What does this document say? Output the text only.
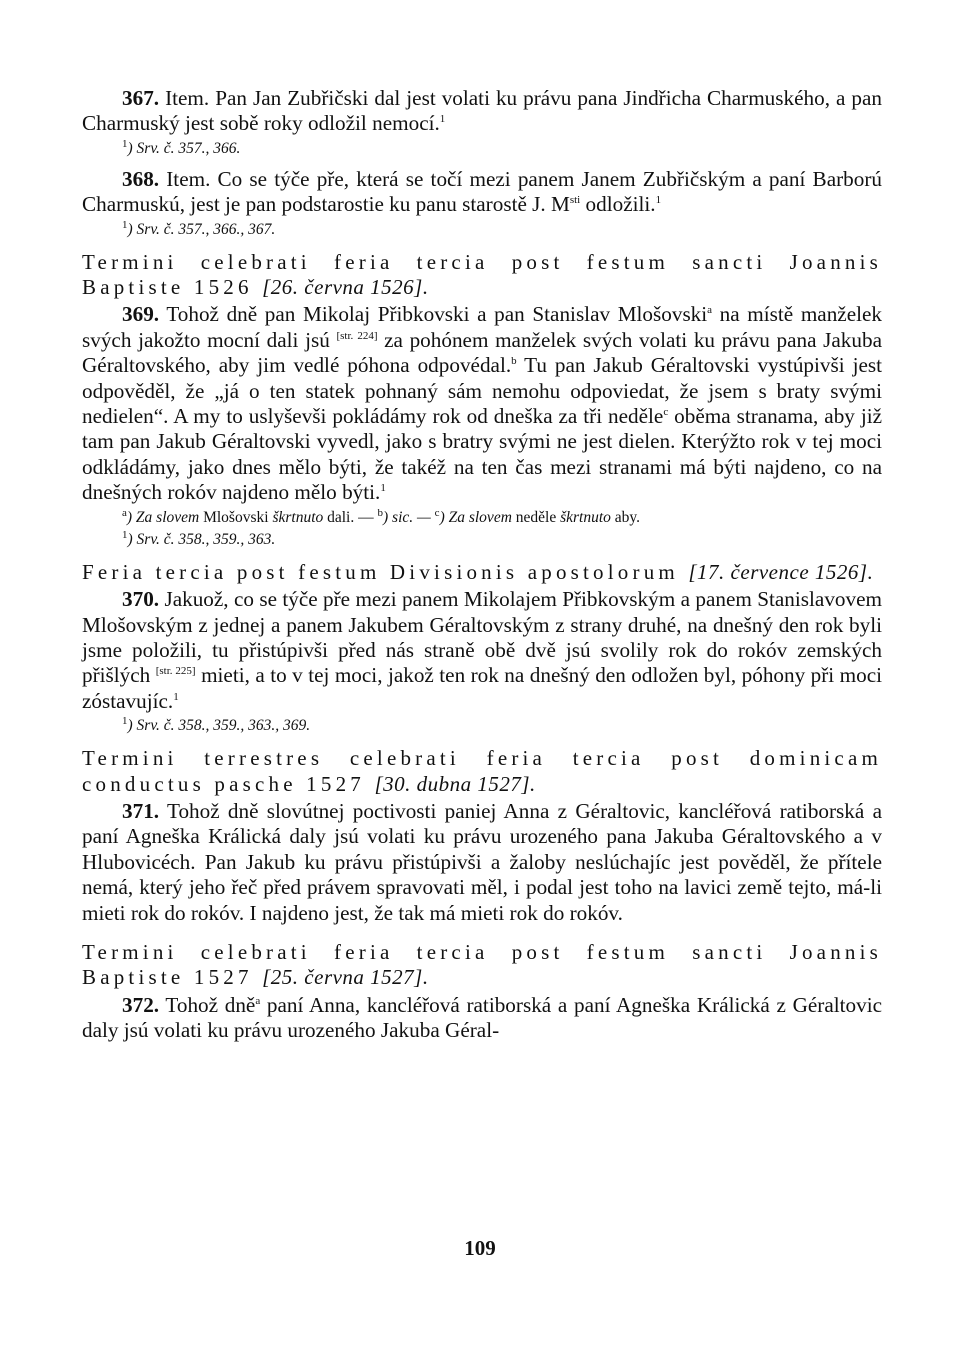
367. Item. Pan Jan Zubřičski dal jest volati ku právu pana Jindřicha Charmuského, a pan Charmuský jest sobě roky odložil nemocí.$^1$

$^1$) Srv. č. 357., 366.

368. Item. Co se týče pře, která se točí mezi panem Janem Zubřičským a paní Barború Charmuskú, jest je pan podstarostie ku panu starostě J. $M^{sti}$ odložili.$^1$

$^1$) Srv. č. 357., 366., 367.

Termini celebrati feria tercia post festum sancti Joannis Baptiste 1526 [26. června 1526].

369. Tohož dně pan Mikolaj Přibkovski a pan Stanislav Mlošovski$^a$ na místě manželek svých jakožto mocní dali jsú [str. 224] za pohónem manželek svých volati ku právu pana Jakuba Géraltovského, aby jim vedlé póhona odpovédal.$^b$ Tu pan Jakub Géraltovski vystúpivši jest odpověděl, že „já o ten statek pohnaný sám nemohu odpoviedat, že jsem s braty svými nedielen“. A my to uslyševši pokládámy rok od dneška za tři neděle$^c$ oběma stranama, aby již tam pan Jakub Géraltovski vyvedl, jako s bratry svými ne jest dielen. Kterýžto rok v tej moci odkládámy, jako dnes mělo býti, že takéž na ten čas mezi stranami má býti najdeno, co na dnešných rokóv najdeno mělo býti.$^1$

$^a$) Za slovem Mlošovski škrtnuto dali. — $^b$) sic. — $^c$) Za slovem neděle škrtnuto aby.

$^1$) Srv. č. 358., 359., 363.

Feria tercia post festum Divisionis apostolorum [17. července 1526].

370. Jakuož, co se týče pře mezi panem Mikolajem Přibkovským a panem Stanislavovem Mlošovským z jednej a panem Jakubem Géraltovským z strany druhé, na dnešný den rok byli jsme položili, tu přistúpivši před nás straně obě dvě jsú svolily rok do rokóv zemských přišlých [str. 225] mieti, a to v tej moci, jakož ten rok na dnešný den odložen byl, póhony při moci zóstavujíc.$^1$

$^1$) Srv. č. 358., 359., 363., 369.

Termini terrestres celebrati feria tercia post dominicam conductus pasche 1527 [30. dubna 1527].

371. Tohož dně slovútnej poctivosti paniej Anna z Géraltovic, kancléřová ratiborská a paní Agneška Králická daly jsú volati ku právu urozeného pana Jakuba Géraltovského a v Hlubovicéch. Pan Jakub ku právu přistúpivši a žaloby neslúchajíc jest pověděl, že přítele nemá, který jeho řeč před právem spravovati měl, i podal jest toho na lavici země tejto, má-li mieti rok do rokóv. I najdeno jest, že tak má mieti rok do rokóv.

Termini celebrati feria tercia post festum sancti Joannis Baptiste 1527 [25. června 1527].

372. Tohož dně$^a$ paní Anna, kancléřová ratiborská a paní Agneška Králická z Géraltovic daly jsú volati ku právu urozeného Jakuba Géral-

109
